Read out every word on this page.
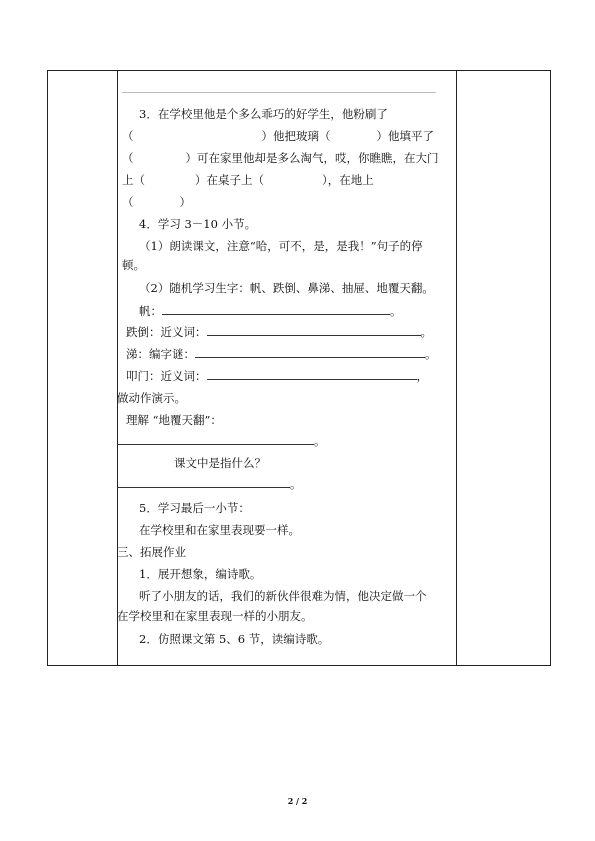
3．在学校里他是个多么乖巧的好学生，他粉刷了
（	）他把玻璃（	）他填平了
（	）可在家里他却是多么淘气，哎，你瞧瞧，在大门
上（	）在桌子上（	），在地上
（	）
4．学习 3－10 小节。
（1）朗读课文，注意“哈，可不，是，是我！”句子的停
顿。
（2）随机学习生字：帆、跌倒、鼻涕、抽屉、地覆天翻。
帆：	。
跌倒：近义词：	。
涕：编字谜：	。
叩门：近义词：	，
做动作演示。
理解 “地覆天翻”：
。
课文中是指什么？
。
5．学习最后一小节：
在学校里和在家里表现要一样。
三、拓展作业
1．展开想象，编诗歌。
听了小朋友的话，我们的新伙伴很难为情，他决定做一个
在学校里和在家里表现一样的小朋友。
2．仿照课文第 5、6 节，读编诗歌。
2 / 2
